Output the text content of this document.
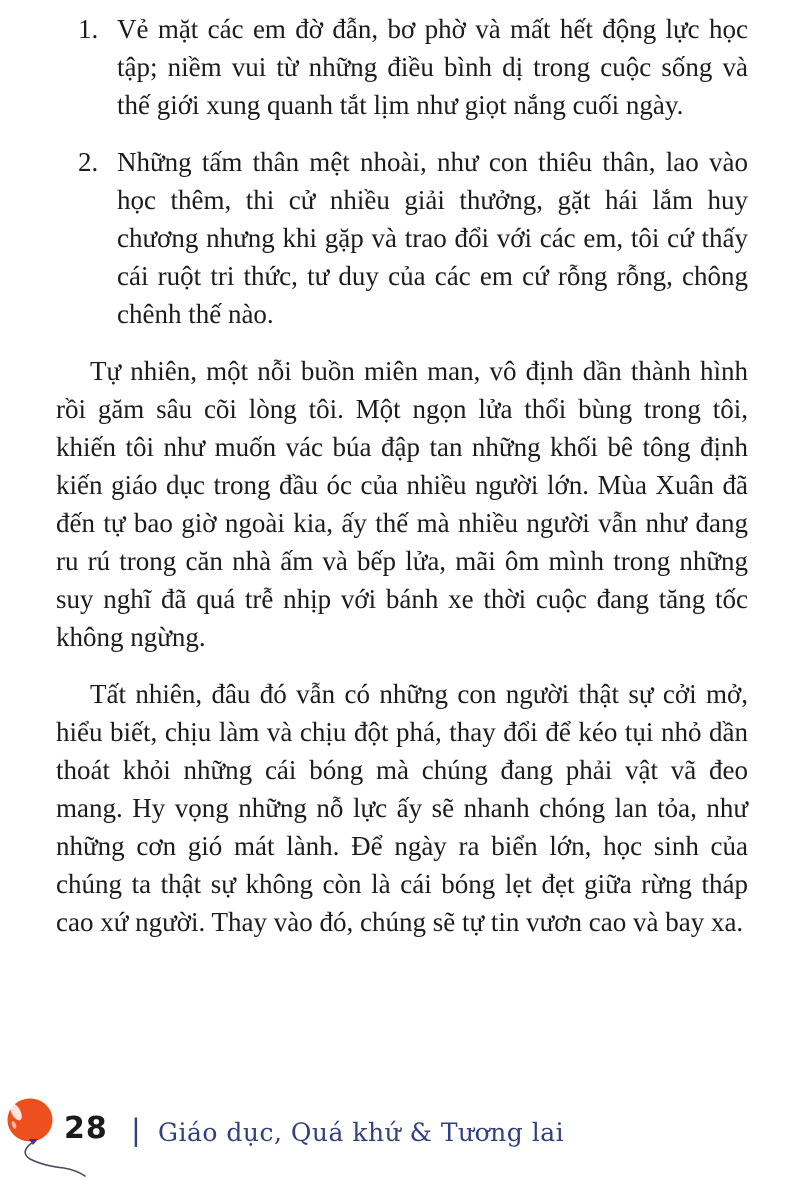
1. Vẻ mặt các em đờ đẫn, bơ phờ và mất hết động lực học tập; niềm vui từ những điều bình dị trong cuộc sống và thế giới xung quanh tắt lịm như giọt nắng cuối ngày.
2. Những tấm thân mệt nhoài, như con thiêu thân, lao vào học thêm, thi cử nhiều giải thưởng, gặt hái lắm huy chương nhưng khi gặp và trao đổi với các em, tôi cứ thấy cái ruột tri thức, tư duy của các em cứ rỗng rỗng, chông chênh thế nào.

Tự nhiên, một nỗi buồn miên man, vô định dần thành hình rồi găm sâu cõi lòng tôi. Một ngọn lửa thổi bùng trong tôi, khiến tôi như muốn vác búa đập tan những khối bê tông định kiến giáo dục trong đầu óc của nhiều người lớn. Mùa Xuân đã đến tự bao giờ ngoài kia, ấy thế mà nhiều người vẫn như đang ru rú trong căn nhà ấm và bếp lửa, mãi ôm mình trong những suy nghĩ đã quá trễ nhịp với bánh xe thời cuộc đang tăng tốc không ngừng.

Tất nhiên, đâu đó vẫn có những con người thật sự cởi mở, hiểu biết, chịu làm và chịu đột phá, thay đổi để kéo tụi nhỏ dần thoát khỏi những cái bóng mà chúng đang phải vật vã đeo mang. Hy vọng những nỗ lực ấy sẽ nhanh chóng lan tỏa, như những cơn gió mát lành. Để ngày ra biển lớn, học sinh của chúng ta thật sự không còn là cái bóng lẹt đẹt giữa rừng tháp cao xứ người. Thay vào đó, chúng sẽ tự tin vươn cao và bay xa.

28 | Giáo dục, Quá khứ & Tương lai
